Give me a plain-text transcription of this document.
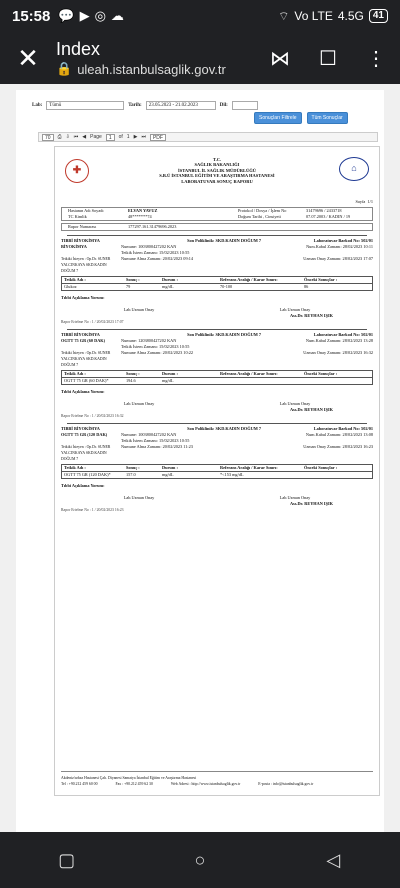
15:58 💬 ▶ ◎ ☁	⌔ Vo LTE 4.5G 41
✕ Index
🔒 uleah.istanbulsaglik.gov.tr	⋈	☐	⋮
Lab: Tümü	Tarih: 23.05.2023 - 21.02.2023	Dil:
Sonuçları Filtrele	Tüm Sonuçlar
70	⎙ ⇩ ⏮ ◀ Page	1	of 1 ▶ ⏭	PDF
✚	⌂
T.C.
SAĞLIK BAKANLIĞI
İSTANBUL İL SAĞLIK MÜDÜRLÜĞÜ
S.B.Ü İSTANBUL EĞİTİM VE ARAŞTIRMA HASTANESİ
LABORATUVAR SONUÇ RAPORU
Sayfa
1/1
Hastanın Adı Soyadı	ELVAN YAVUZ	Protokol / Dosya / İşlem No	31479696 / 2433718
TC Kimlik	48*******74	Doğum Tarihi , Cinsiyeti	07.07.2003 / KADIN / 19
Rapor Numarası	177297.161.31479696.2023
TIBBİ BİYOKİMYA	Son Poliklinik: SKD.KADIN DOĞUM 7	Laboratuvar Barkod No: 502/01
BİYOKİMYA	Numune: 1003800427202 KAN	Num.Kabul Zamanı: 28/02/2023 10:11
Tetkik İstem Zamanı: 15/02/2023 10:55
Tetkiki İsteyen : Op.Dr. SUNER YALCINKAYA SKD.KADIN DOĞUM 7
Numune Alma Zamanı: 20/02/2023 09:14	Uzman Onay Zamanı: 28/02/2023 17:07
Tetkik Adı :	Sonuç :	Durum :	Referans Aralığı / Karar Sınırı:	Önceki Sonuçlar :
Glukoz	79	mg/dL	70-100	86
Tıbbi Açıklama Yorum:
Lab.Uzman Onay	Lab.Uzman Onay
Ass.Dr. REYHAN IŞIK
Rapor Ertelme No : 1 / 20/02/2023 17:07
TIBBİ BİYOKİMYA	Son Poliklinik: SKD.KADIN DOĞUM 7	Laboratuvar Barkod No: 502/01
OGTT 75 GR (60 DAK)	Numune: 1203800427202 KAN	Num.Kabul Zamanı: 28/02/2023 13:28
Tetkik İstem Zamanı: 15/02/2023 10:55
Tetkiki İsteyen : Op.Dr. SUNER YALCINKAYA SKD.KADIN DOĞUM 7
Numune Alma Zamanı: 20/02/2023 10:22	Uzman Onay Zamanı: 28/02/2023 16:32
Tetkik Adı :	Sonuç :	Durum :	Referans Aralığı / Karar Sınırı:	Önceki Sonuçlar :
OGTT 75 GR (60 DAK)*	194.6	mg/dL
Tıbbi Açıklama Yorum:
Lab.Uzman Onay	Lab.Uzman Onay
Ass.Dr. REYHAN IŞIK
Rapor Ertelme No : 1 / 20/02/2023 16:32
TIBBİ BİYOKİMYA	Son Poliklinik: SKD.KADIN DOĞUM 7	Laboratuvar Barkod No: 502/01
OGTT 75 GR (120 DAK)	Numune: 1003800427202 KAN	Num.Kabul Zamanı: 28/02/2023 13:08
Tetkik İstem Zamanı: 15/02/2023 10:55
Tetkiki İsteyen : Op.Dr. SUNER YALCINKAYA SKD.KADIN DOĞUM 7
Numune Alma Zamanı: 20/02/2023 11:23	Uzman Onay Zamanı: 28/02/2023 16:23
Tetkik Adı :	Sonuç :	Durum :	Referans Aralığı / Karar Sınırı:	Önceki Sonuçlar :
OGTT 75 GR (120 DAK)*	157.0	mg/dL	*<153 mg/dL
Tıbbi Açıklama Yorum:
Lab.Uzman Onay	Lab.Uzman Onay
Ass.Dr. REYHAN IŞIK
Rapor Ertelme No : 1 / 20/02/2023 16:23
Akdeniz/arbaz Hastanesi Çalı. Diyanesi Samatya İstanbul Eğitim ve Araştırma Hastanesi
Tel : +90.212 459 60 00	Fax : +90.212 459 62 30	Web Adresi : http://www.istanbulsaglik.gov.tr	E-posta : info@istanbulsaglik.gov.tr
▢	○	◁
